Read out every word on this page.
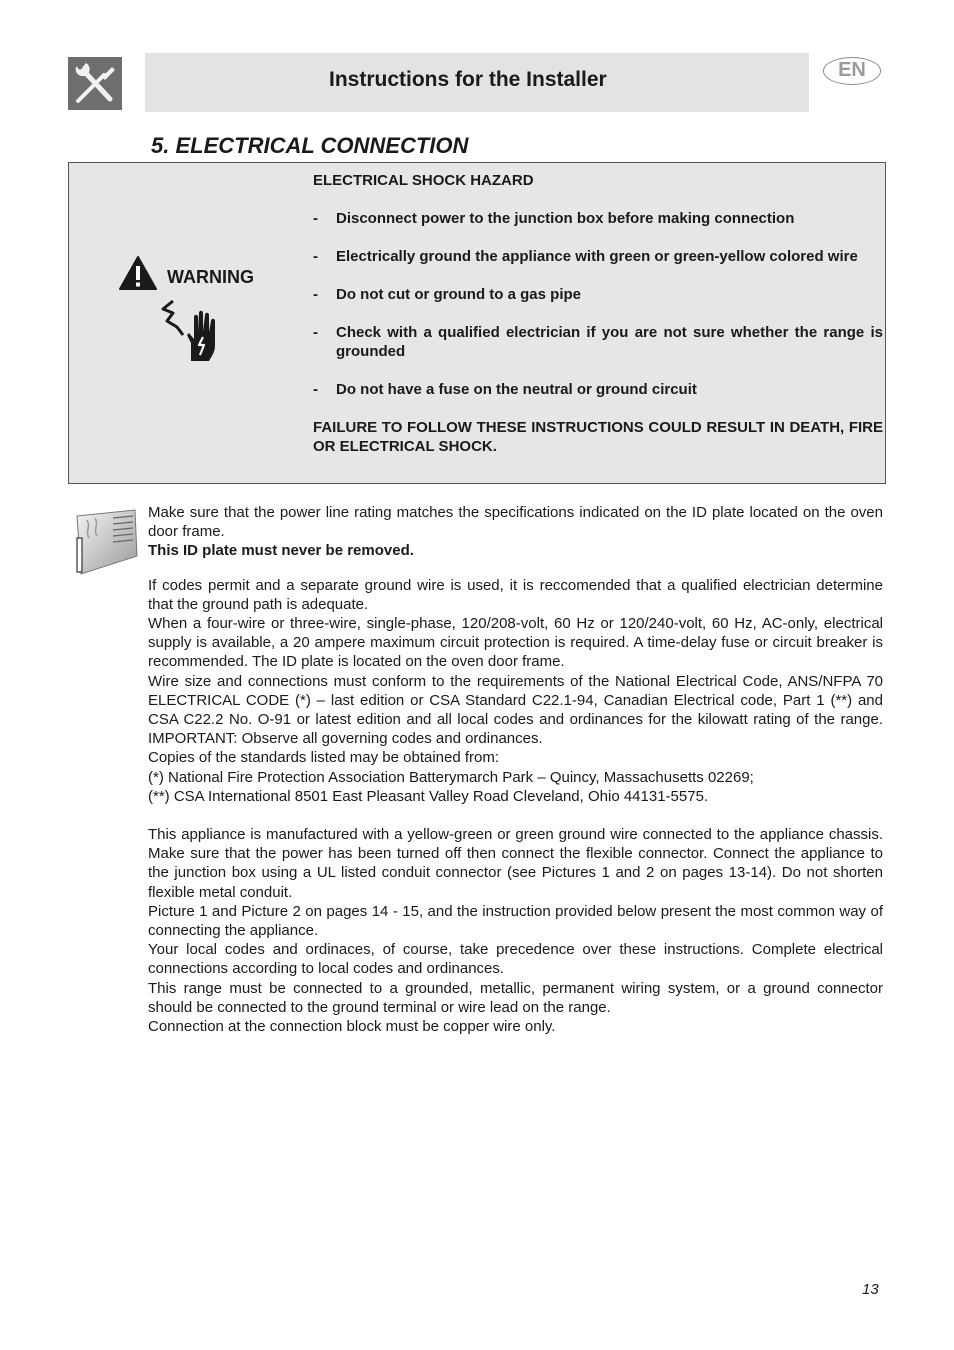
Instructions for the Installer	EN
5. ELECTRICAL CONNECTION
WARNING

ELECTRICAL SHOCK HAZARD

-	Disconnect power to the junction box before making connection
-	Electrically ground the appliance with green or green-yellow colored wire
-	Do not cut or ground to a gas pipe
-	Check with a qualified electrician if you are not sure whether the range is grounded
-	Do not have a fuse on the neutral or ground circuit

FAILURE TO FOLLOW THESE INSTRUCTIONS COULD RESULT IN DEATH, FIRE OR ELECTRICAL SHOCK.

Make sure that the power line rating matches the specifications indicated on the ID plate located on the oven door frame.

This ID plate must never be removed.

If codes permit and a separate ground wire is used, it is reccomended that a qualified electrician determine that the ground path is adequate.

When a four-wire or three-wire, single-phase, 120/208-volt, 60 Hz or 120/240-volt, 60 Hz, AC-only, electrical supply is available, a 20 ampere maximum circuit protection is required. A time-delay fuse or circuit breaker is recommended. The ID plate is located on the oven door frame.

Wire size and connections must conform to the requirements of the National Electrical Code, ANS/NFPA 70 ELECTRICAL CODE (*) – last edition or CSA Standard C22.1-94, Canadian Electrical code, Part 1 (**) and CSA C22.2 No. O-91 or latest edition and all local codes and ordinances for the kilowatt rating of the range. IMPORTANT: Observe all governing codes and ordinances.

Copies of the standards listed may be obtained from:

(*) National Fire Protection Association Batterymarch Park – Quincy, Massachusetts 02269;

(**) CSA International 8501 East Pleasant Valley Road Cleveland, Ohio 44131-5575.

This appliance is manufactured with a yellow-green or green ground wire connected to the appliance chassis. Make sure that the power has been turned off then connect the flexible connector. Connect the appliance to the junction box using a UL listed conduit connector (see Pictures 1 and 2 on pages 13-14). Do not shorten flexible metal conduit.

Picture 1 and Picture 2 on pages 14 - 15, and the instruction provided below present the most common way of connecting the appliance.

Your local codes and ordinaces, of course, take precedence over these instructions. Complete electrical connections according to local codes and ordinances.

This range must be connected to a grounded, metallic, permanent wiring system, or a ground connector should be connected to the ground terminal or wire lead on the range.

Connection at the connection block must be copper wire only.

13
